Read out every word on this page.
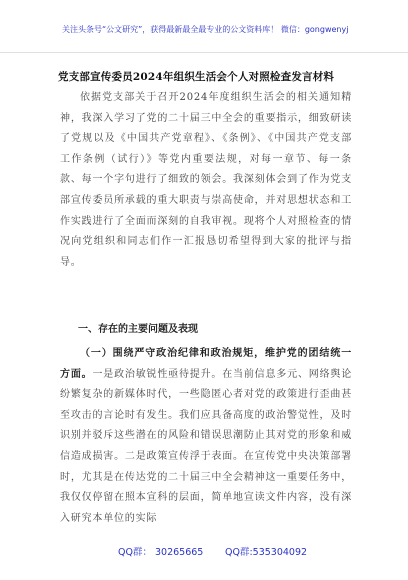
关注头条号“公文研究”，获得最新最全最专业的公文资料库！ 微信：gongwenyj
党支部宣传委员2024年组织生活会个人对照检查发言材料
依据党支部关于召开2024年度组织生活会的相关通知精神，我深入学习了党的二十届三中全会的重要指示，细致研读了党规以及《中国共产党章程》、《条例》、《中国共产党支部工作条例（试行）》等党内重要法规，对每一章节、每一条款、每一个字句进行了细致的领会。我深刻体会到了作为党支部宣传委员所承载的重大职责与崇高使命，并对思想状态和工作实践进行了全面而深刻的自我审视。现将个人对照检查的情况向党组织和同志们作一汇报恳切希望得到大家的批评与指导。
一、存在的主要问题及表现
（一）围绕严守政治纪律和政治规矩，维护党的团结统一方面。一是政治敏锐性亟待提升。在当前信息多元、网络舆论纷繁复杂的新媒体时代，一些隐匿心者对党的政策进行歪曲甚至攻击的言论时有发生。我们应具备高度的政治警觉性，及时识别并驳斥这些潜在的风险和错误思潮防止其对党的形象和威信造成损害。二是政策宣传浮于表面。在宣传党中央决策部署时，尤其是在传达党的二十届三中全会精神这一重要任务中，我仅仅停留在照本宣科的层面，简单地宣读文件内容，没有深入研究本单位的实际
QQ群： 30265665 QQ群:535304092
